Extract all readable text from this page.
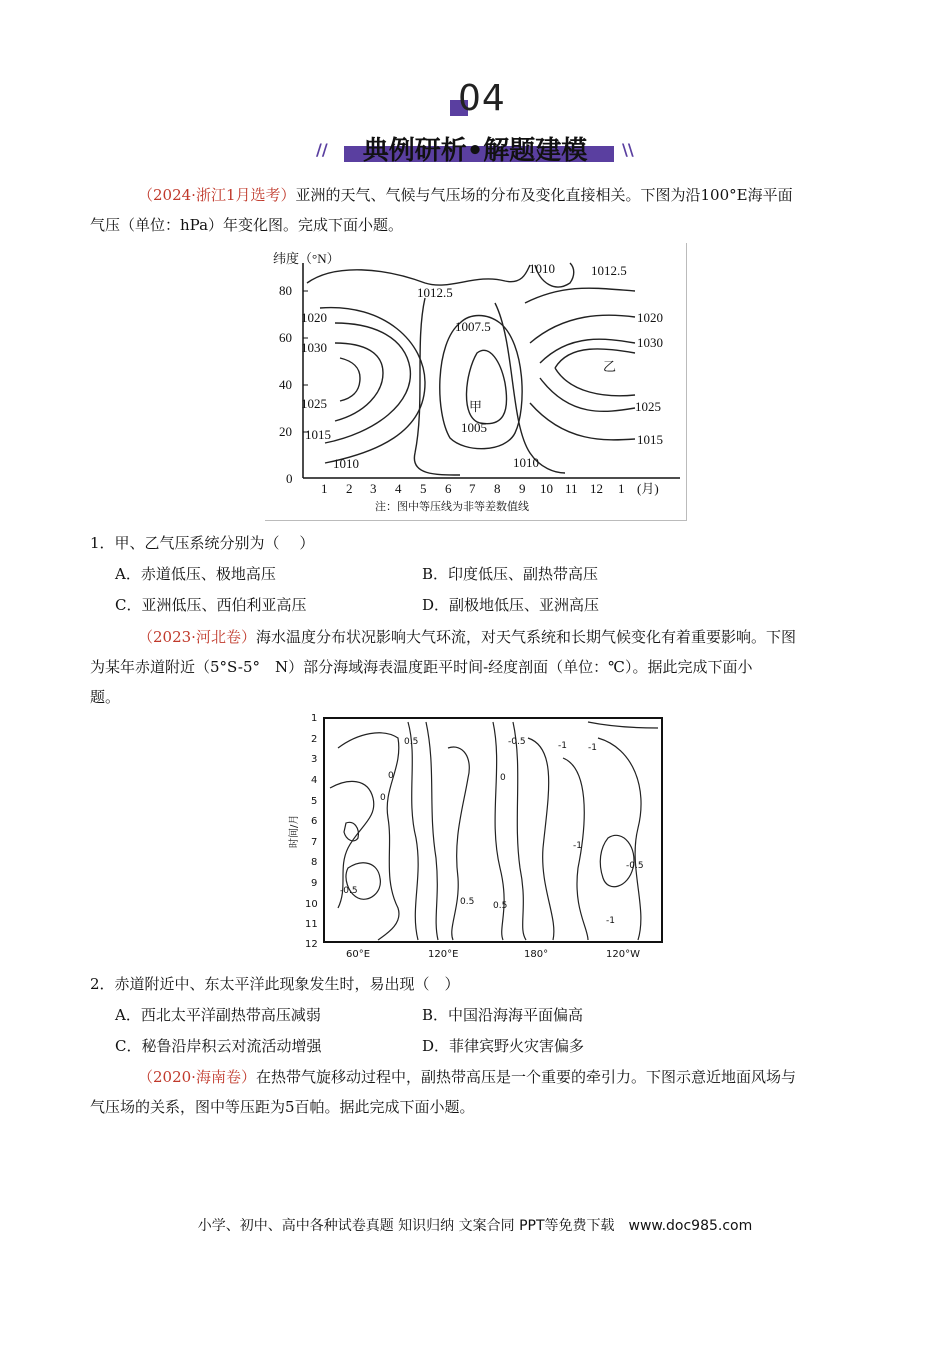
04
//	典例研析•解题建模	\\
（2024·浙江1月选考）亚洲的天气、气候与气压场的分布及变化直接相关。下图为沿100°E海平面
气压（单位：hPa）年变化图。完成下面小题。
纬度（°N）
80
60
40
20
0
1 2 3 4 5 6 7 8 9 10 11 12 1 (月)
1010	1012.5
1012.5
1007.5
1020
1030
1025
1015
1010
甲
1005
1010
乙
1020
1030
1025
1015
注：图中等压线为非等差数值线
1．甲、乙气压系统分别为（　 ）
A．赤道低压、极地高压	B．印度低压、副热带高压
C．亚洲低压、西伯利亚高压	D．副极地低压、亚洲高压
（2023·河北卷）海水温度分布状况影响大气环流，对天气系统和长期气候变化有着重要影响。下图
为某年赤道附近（5°S-5°　N）部分海域海表温度距平时间-经度剖面（单位：℃）。据此完成下面小
题。
1
2
3
4
5
6
7
8
9
10
11
12
60°E	120°E	180°	120°W
时间/月
0.5
0
-0.5
-1
0
0.5
0
-1
-0.5
-0.5
-1
0.5
-1
2．赤道附近中、东太平洋此现象发生时，易出现（　）
A．西北太平洋副热带高压减弱	B．中国沿海海平面偏高
C．秘鲁沿岸积云对流活动增强	D．菲律宾野火灾害偏多
（2020·海南卷）在热带气旋移动过程中，副热带高压是一个重要的牵引力。下图示意近地面风场与
气压场的关系，图中等压距为5百帕。据此完成下面小题。
小学、初中、高中各种试卷真题 知识归纳 文案合同 PPT等免费下载　www.doc985.com
